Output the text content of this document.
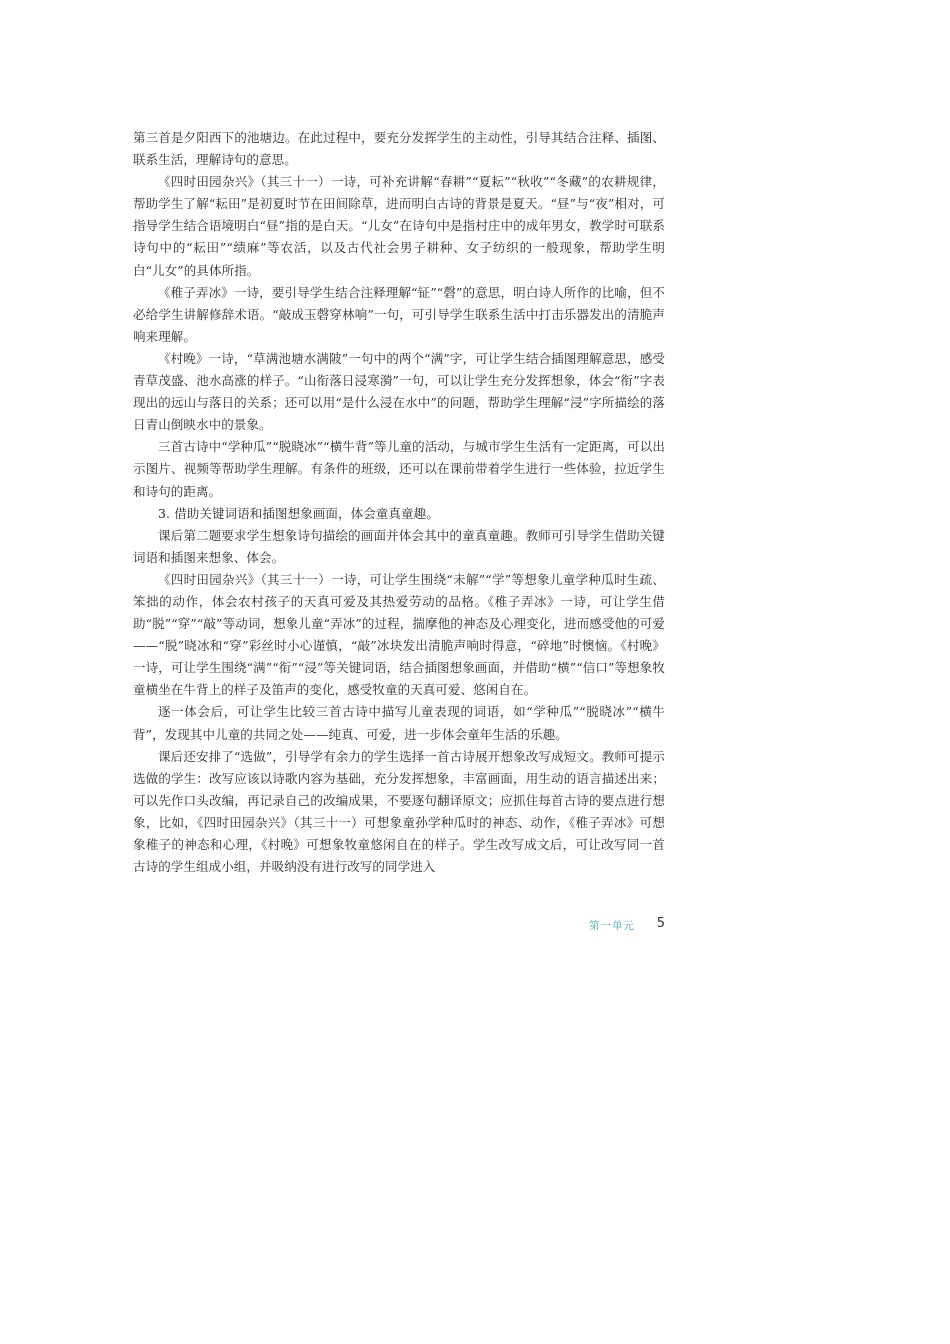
第三首是夕阳西下的池塘边。在此过程中，要充分发挥学生的主动性，引导其结合注释、插图、联系生活，理解诗句的意思。

《四时田园杂兴》（其三十一）一诗，可补充讲解“春耕”“夏耘”“秋收”“冬藏”的农耕规律，帮助学生了解“耘田”是初夏时节在田间除草，进而明白古诗的背景是夏天。“昼”与“夜”相对，可指导学生结合语境明白“昼”指的是白天。“儿女”在诗句中是指村庄中的成年男女，教学时可联系诗句中的“耘田”“绩麻”等农活，以及古代社会男子耕种、女子纺织的一般现象，帮助学生明白“儿女”的具体所指。

《稚子弄冰》一诗，要引导学生结合注释理解“钲”“磬”的意思，明白诗人所作的比喻，但不必给学生讲解修辞术语。“敲成玉磬穿林响”一句，可引导学生联系生活中打击乐器发出的清脆声响来理解。

《村晚》一诗，“草满池塘水满陂”一句中的两个“满”字，可让学生结合插图理解意思，感受青草茂盛、池水高涨的样子。“山衔落日浸寒漪”一句，可以让学生充分发挥想象，体会“衔”字表现出的远山与落日的关系；还可以用“是什么浸在水中”的问题，帮助学生理解“浸”字所描绘的落日青山倒映水中的景象。

三首古诗中“学种瓜”“脱晓冰”“横牛背”等儿童的活动，与城市学生生活有一定距离，可以出示图片、视频等帮助学生理解。有条件的班级，还可以在课前带着学生进行一些体验，拉近学生和诗句的距离。

3. 借助关键词语和插图想象画面，体会童真童趣。

课后第二题要求学生想象诗句描绘的画面并体会其中的童真童趣。教师可引导学生借助关键词语和插图来想象、体会。

《四时田园杂兴》（其三十一）一诗，可让学生围绕“未解”“学”等想象儿童学种瓜时生疏、笨拙的动作，体会农村孩子的天真可爱及其热爱劳动的品格。《稚子弄冰》一诗，可让学生借助“脱”“穿”“敲”等动词，想象儿童“弄冰”的过程，揣摩他的神态及心理变化，进而感受他的可爱——“脱”晓冰和“穿”彩丝时小心谨慎，“敲”冰块发出清脆声响时得意，“碎地”时懊恼。《村晚》一诗，可让学生围绕“满”“衔”“浸”等关键词语，结合插图想象画面，并借助“横”“信口”等想象牧童横坐在牛背上的样子及笛声的变化，感受牧童的天真可爱、悠闲自在。

逐一体会后，可让学生比较三首古诗中描写儿童表现的词语，如“学种瓜”“脱晓冰”“横牛背”，发现其中儿童的共同之处——纯真、可爱，进一步体会童年生活的乐趣。

课后还安排了“选做”，引导学有余力的学生选择一首古诗展开想象改写成短文。教师可提示选做的学生：改写应该以诗歌内容为基础，充分发挥想象，丰富画面，用生动的语言描述出来；可以先作口头改编，再记录自己的改编成果，不要逐句翻译原文；应抓住每首古诗的要点进行想象，比如，《四时田园杂兴》（其三十一）可想象童孙学种瓜时的神态、动作，《稚子弄冰》可想象稚子的神态和心理，《村晚》可想象牧童悠闲自在的样子。学生改写成文后，可让改写同一首古诗的学生组成小组，并吸纳没有进行改写的同学进入

第一单元 5
